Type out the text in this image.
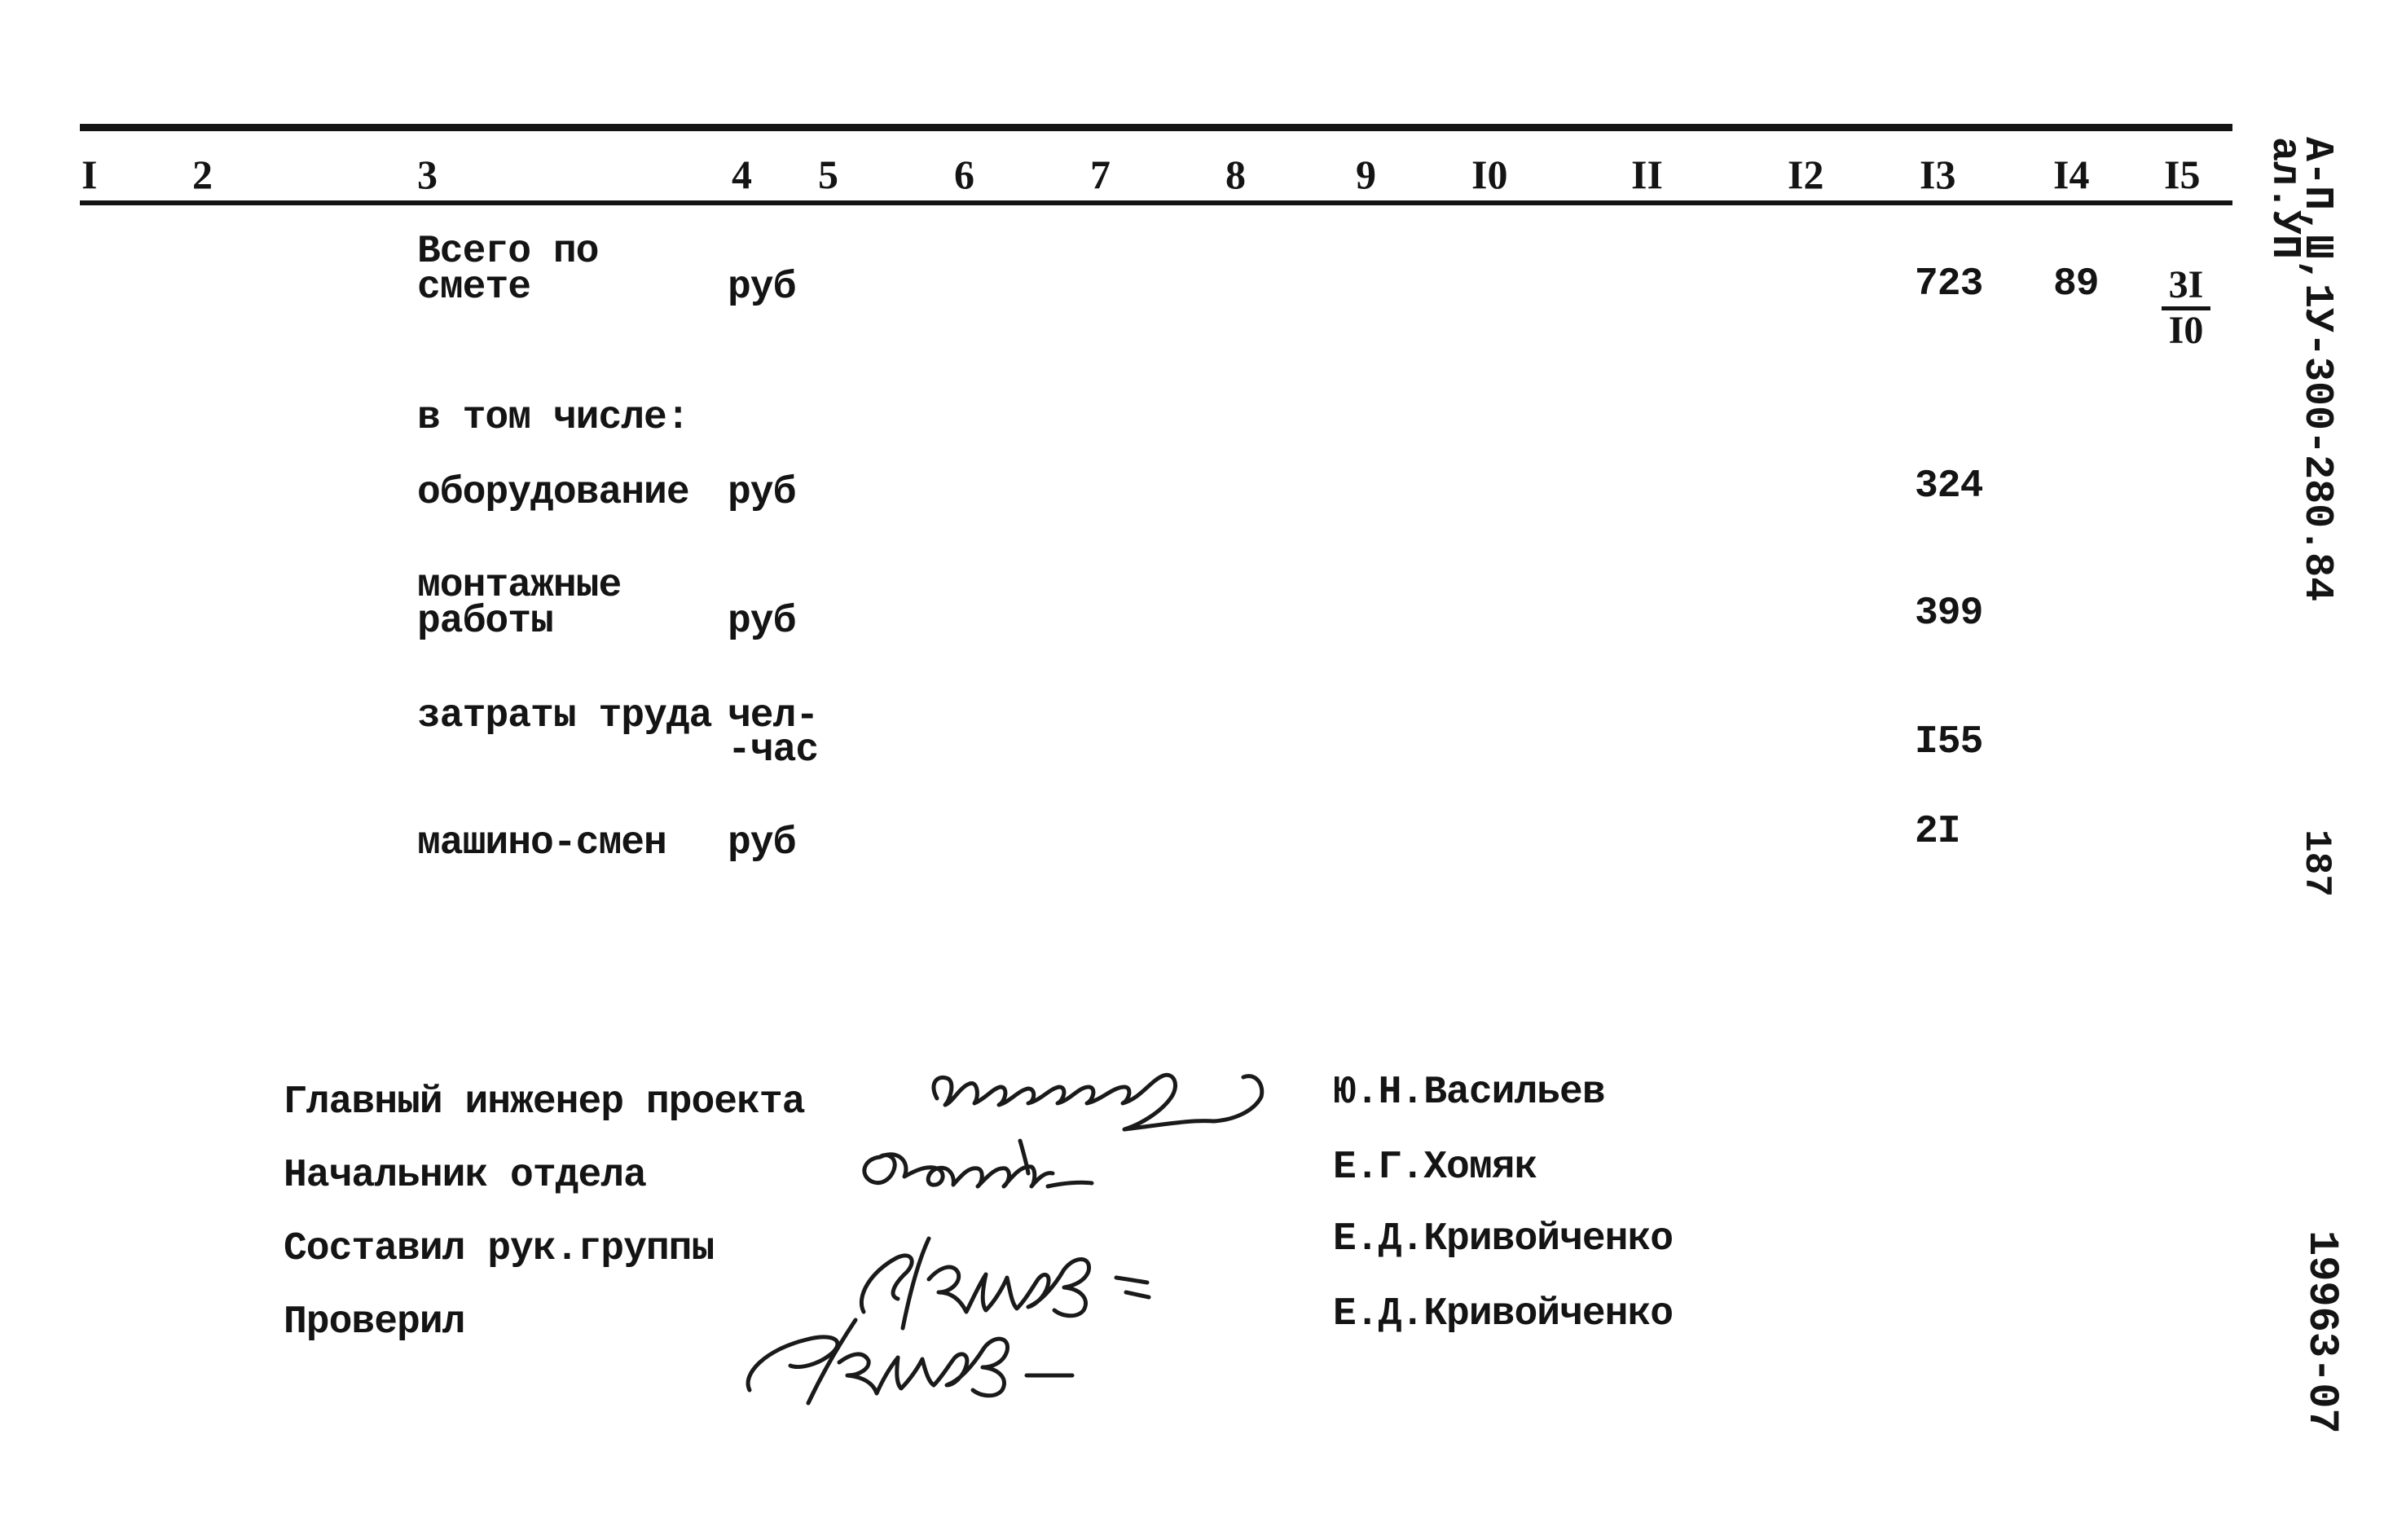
I 2	3	4 5	6	7	8	9 I0	II	I2 I3 I4 I5
Всего по
смете	руб	723 $89 \frac{3I}{I0}$
в том числе:
оборудование руб	324
монтажные
работы	руб	399
затраты труда чел-
-час	I55
машино-смен руб	2I
Главный инженер проекта
Начальник отдела
Составил рук.группы
Проверил
Ю.Н.Васильев
Е.Г.Хомяк
Е.Д.Кривойченко
Е.Д.Кривойченко
А-П,Ш,1У-300-280.84
ал.УП
187
19963-07
